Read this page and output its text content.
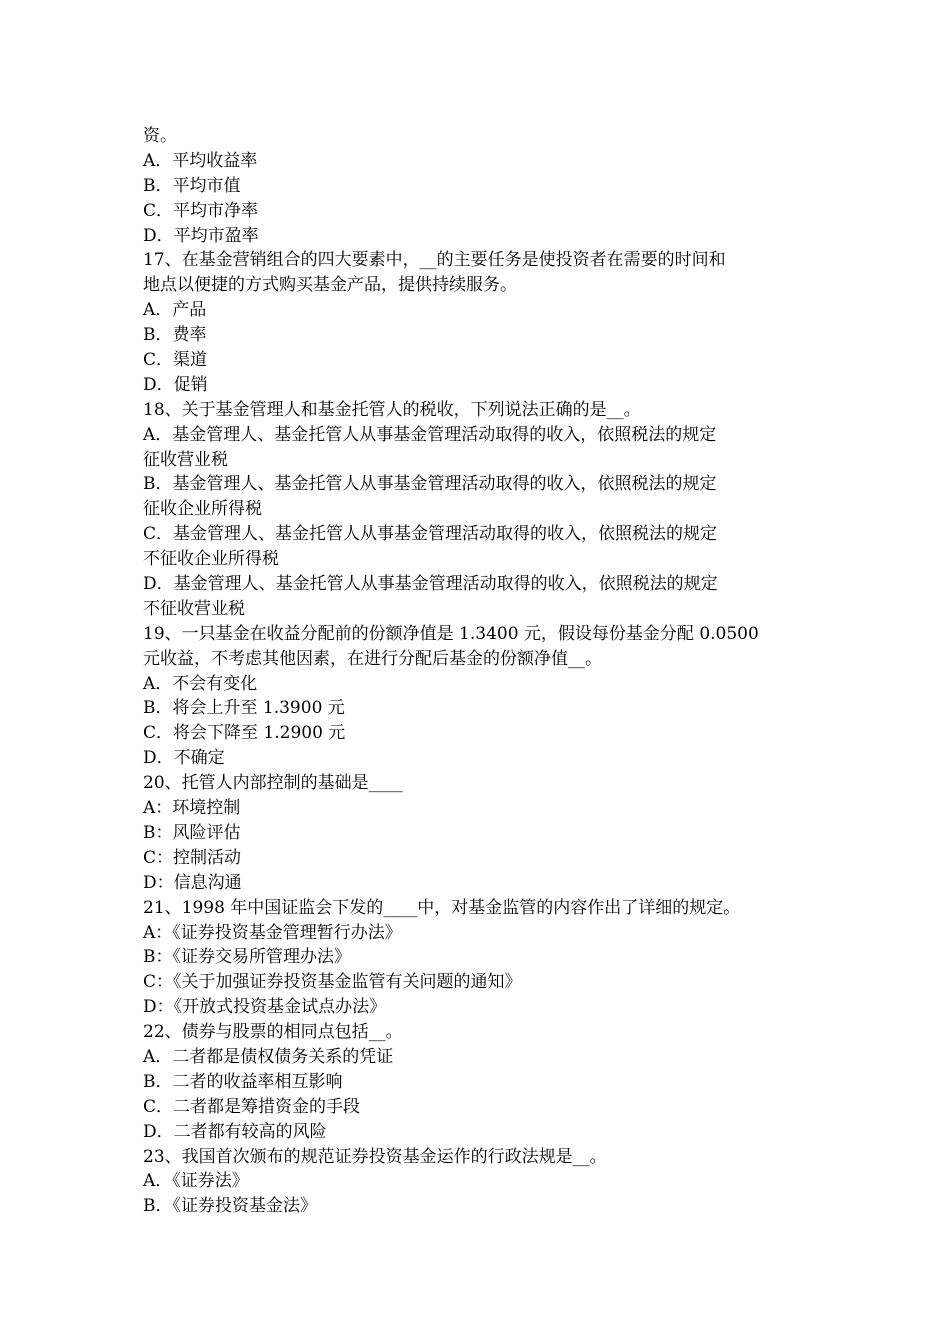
资。
A．平均收益率
B．平均市值
C．平均市净率
D．平均市盈率
17、在基金营销组合的四大要素中，__的主要任务是使投资者在需要的时间和
地点以便捷的方式购买基金产品，提供持续服务。
A．产品
B．费率
C．渠道
D．促销
18、关于基金管理人和基金托管人的税收，下列说法正确的是__。
A．基金管理人、基金托管人从事基金管理活动取得的收入，依照税法的规定
征收营业税
B．基金管理人、基金托管人从事基金管理活动取得的收入，依照税法的规定
征收企业所得税
C．基金管理人、基金托管人从事基金管理活动取得的收入，依照税法的规定
不征收企业所得税
D．基金管理人、基金托管人从事基金管理活动取得的收入，依照税法的规定
不征收营业税
19、一只基金在收益分配前的份额净值是 1.3400 元，假设每份基金分配 0.0500
元收益，不考虑其他因素，在进行分配后基金的份额净值__。
A．不会有变化
B．将会上升至 1.3900 元
C．将会下降至 1.2900 元
D．不确定
20、托管人内部控制的基础是____
A：环境控制
B：风险评估
C：控制活动
D：信息沟通
21、1998 年中国证监会下发的____中，对基金监管的内容作出了详细的规定。
A：《证券投资基金管理暂行办法》
B：《证券交易所管理办法》
C：《关于加强证券投资基金监管有关问题的通知》
D：《开放式投资基金试点办法》
22、债券与股票的相同点包括__。
A．二者都是债权债务关系的凭证
B．二者的收益率相互影响
C．二者都是筹措资金的手段
D．二者都有较高的风险
23、我国首次颁布的规范证券投资基金运作的行政法规是__。
A．《证券法》
B．《证券投资基金法》
